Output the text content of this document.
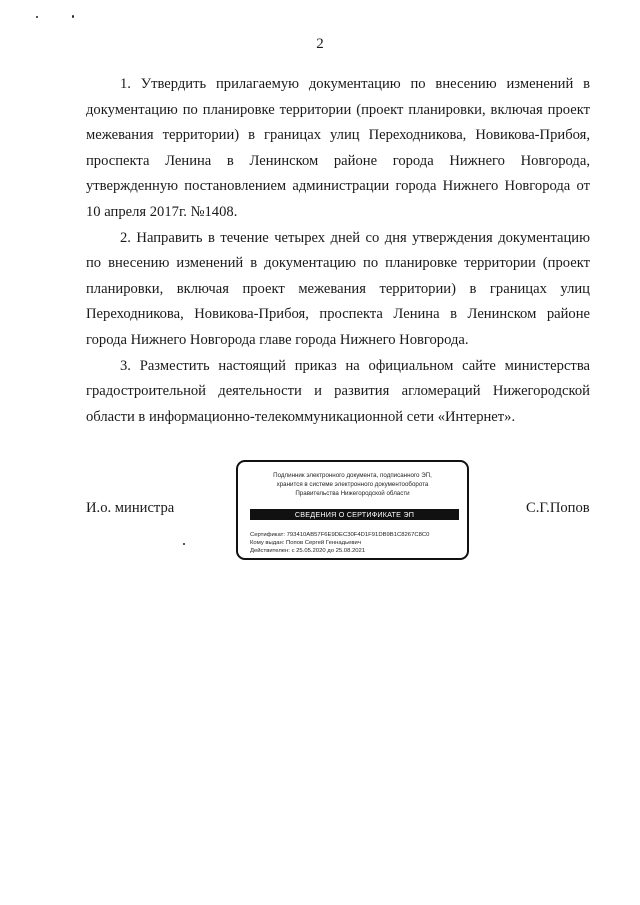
2

1. Утвердить прилагаемую документацию по внесению изменений в документацию по планировке территории (проект планировки, включая проект межевания территории) в границах улиц Переходникова, Новикова-Прибоя, проспекта Ленина в Ленинском районе города Нижнего Новгорода, утвержденную постановлением администрации города Нижнего Новгорода от 10 апреля 2017г. №1408.

2. Направить в течение четырех дней со дня утверждения документацию по внесению изменений в документацию по планировке территории (проект планировки, включая проект межевания территории) в границах улиц Переходникова, Новикова-Прибоя, проспекта Ленина в Ленинском районе города Нижнего Новгорода главе города Нижнего Новгорода.

3. Разместить настоящий приказ на официальном сайте министерства градостроительной деятельности и развития агломераций Нижегородской области в информационно-телекоммуникационной сети «Интернет».

И.о. министра
Подлинник электронного документа, подписанного ЭП,
хранится в системе электронного документооборота
Правительства Нижегородской области
СВЕДЕНИЯ О СЕРТИФИКАТЕ ЭП
Сертификат: 793410AB57F6E9DEC30F4D1F91DB9B1C8267C8C0
Кому выдан: Попов Сергей Геннадьевич
Действителен: с 25.05.2020 до 25.08.2021
С.Г.Попов
